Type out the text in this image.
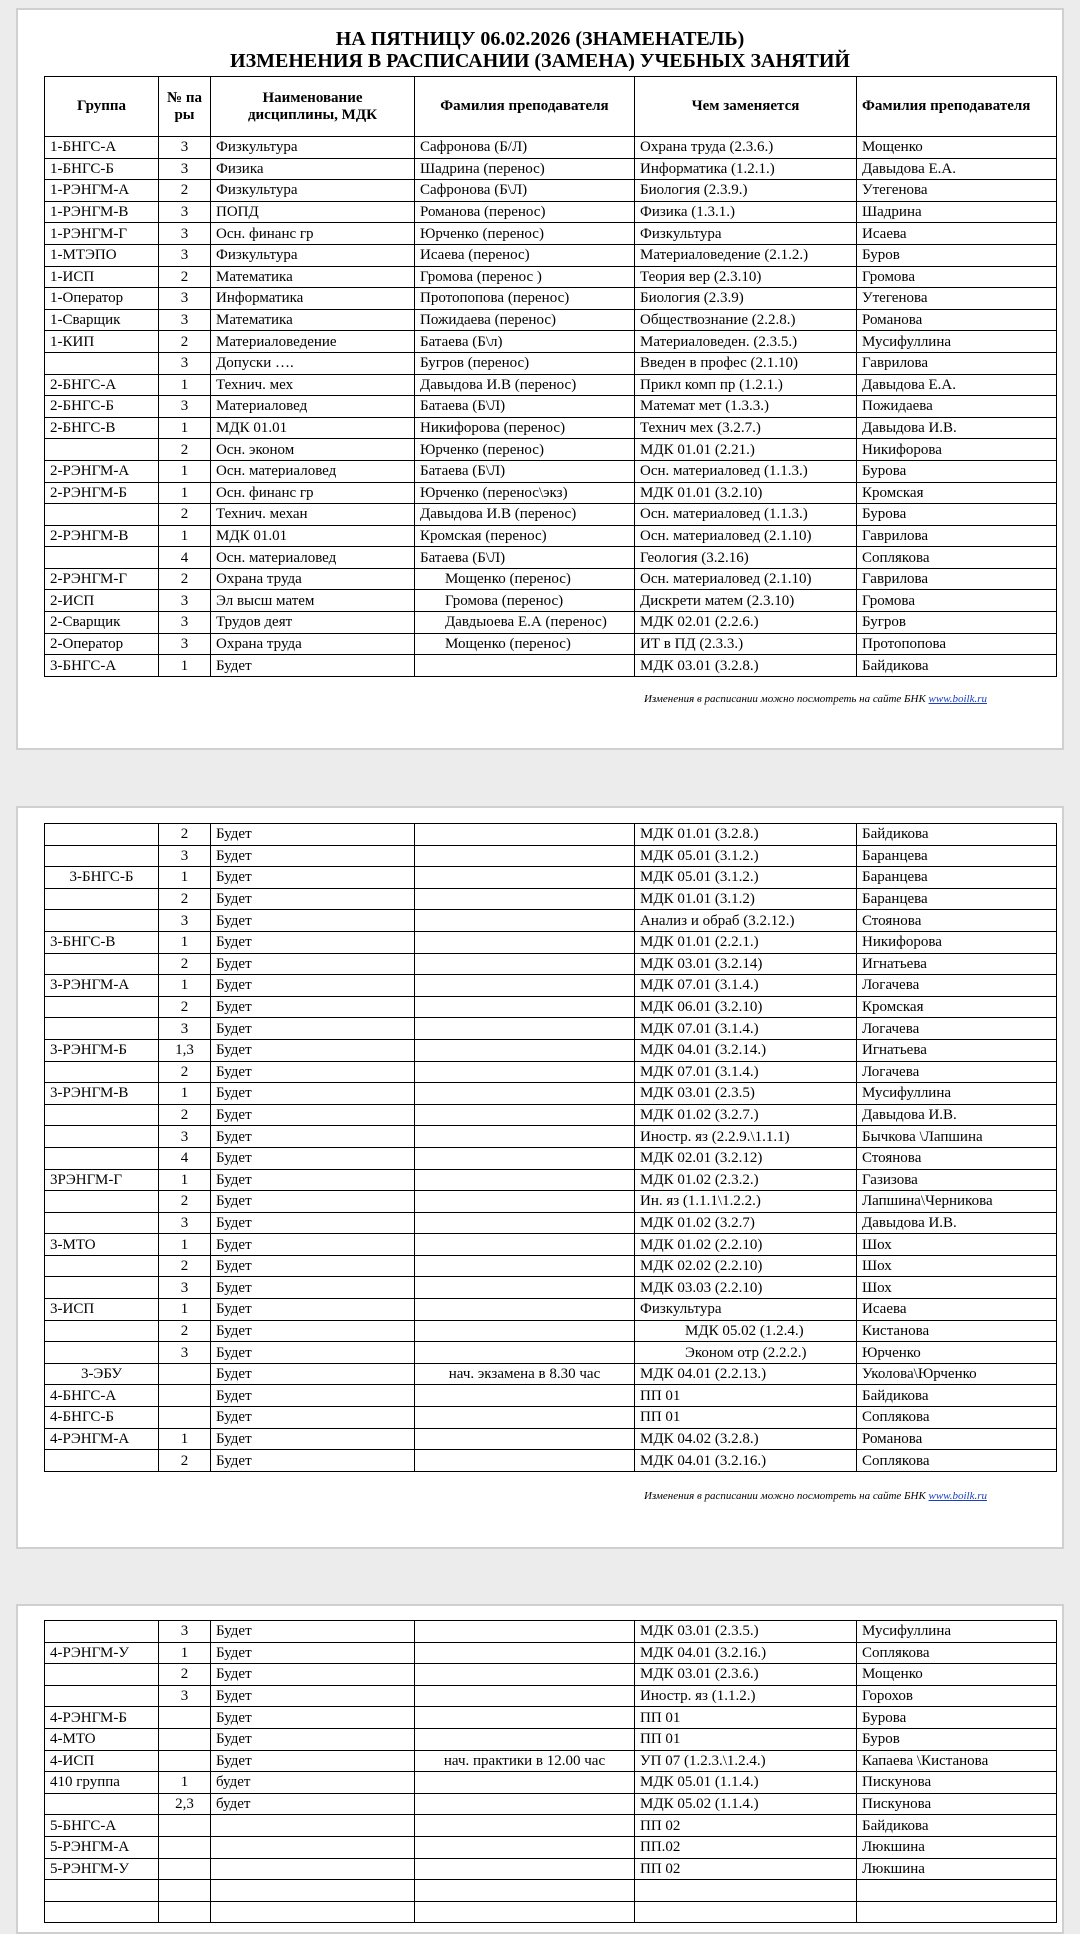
НА ПЯТНИЦУ 06.02.2026 (ЗНАМЕНАТЕЛЬ)
ИЗМЕНЕНИЯ В РАСПИСАНИИ (ЗАМЕНА) УЧЕБНЫХ ЗАНЯТИЙ
Группа	№ па ры	Наименование дисциплины, МДК	Фамилия преподавателя	Чем заменяется	Фамилия преподавателя
1-БНГС-А	3	Физкультура	Сафронова (Б/Л)	Охрана труда (2.3.6.)	Мощенко
1-БНГС-Б	3	Физика	Шадрина (перенос)	Информатика (1.2.1.)	Давыдова Е.А.
1-РЭНГМ-А	2	Физкультура	Сафронова (Б\Л)	Биология (2.3.9.)	Утегенова
1-РЭНГМ-В	3	ПОПД	Романова (перенос)	Физика (1.3.1.)	Шадрина
1-РЭНГМ-Г	3	Осн. финанс гр	Юрченко (перенос)	Физкультура	Исаева
1-МТЭПО	3	Физкультура	Исаева (перенос)	Материаловедение (2.1.2.)	Буров
1-ИСП	2	Математика	Громова (перенос )	Теория вер (2.3.10)	Громова
1-Оператор	3	Информатика	Протопопова (перенос)	Биология (2.3.9)	Утегенова
1-Сварщик	3	Математика	Пожидаева (перенос)	Обществознание (2.2.8.)	Романова
1-КИП	2	Материаловедение	Батаева (Б\л)	Материаловеден. (2.3.5.)	Мусифуллина
	3	Допуски ….	Бугров (перенос)	Введен в профес (2.1.10)	Гаврилова
2-БНГС-А	1	Технич. мех	Давыдова И.В (перенос)	Прикл комп пр (1.2.1.)	Давыдова Е.А.
2-БНГС-Б	3	Материаловед	Батаева (Б\Л)	Математ мет (1.3.3.)	Пожидаева
2-БНГС-В	1	МДК 01.01	Никифорова (перенос)	Технич мех (3.2.7.)	Давыдова И.В.
	2	Осн. эконом	Юрченко (перенос)	МДК 01.01 (2.21.)	Никифорова
2-РЭНГМ-А	1	Осн. материаловед	Батаева (Б\Л)	Осн. материаловед (1.1.3.)	Бурова
2-РЭНГМ-Б	1	Осн. финанс гр	Юрченко (перенос\экз)	МДК 01.01 (3.2.10)	Кромская
	2	Технич. механ	Давыдова И.В (перенос)	Осн. материаловед (1.1.3.)	Бурова
2-РЭНГМ-В	1	МДК 01.01	Кромская (перенос)	Осн. материаловед (2.1.10)	Гаврилова
	4	Осн. материаловед	Батаева (Б\Л)	Геология (3.2.16)	Соплякова
2-РЭНГМ-Г	2	Охрана труда	Мощенко (перенос)	Осн. материаловед (2.1.10)	Гаврилова
2-ИСП	3	Эл высш матем	Громова (перенос)	Дискрети матем (2.3.10)	Громова
2-Сварщик	3	Трудов деят	Давдыоева Е.А (перенос)	МДК 02.01 (2.2.6.)	Бугров
2-Оператор	3	Охрана труда	Мощенко (перенос)	ИТ в ПД (2.3.3.)	Протопопова
3-БНГС-А	1	Будет		МДК 03.01 (3.2.8.)	Байдикова
Изменения в расписании можно посмотреть на сайте БНК www.boilk.ru
	2	Будет		МДК 01.01 (3.2.8.)	Байдикова
	3	Будет		МДК 05.01 (3.1.2.)	Баранцева
3-БНГС-Б	1	Будет		МДК 05.01 (3.1.2.)	Баранцева
	2	Будет		МДК 01.01 (3.1.2)	Баранцева
	3	Будет		Анализ и обраб (3.2.12.)	Стоянова
3-БНГС-В	1	Будет		МДК 01.01 (2.2.1.)	Никифорова
	2	Будет		МДК 03.01 (3.2.14)	Игнатьева
3-РЭНГМ-А	1	Будет		МДК 07.01 (3.1.4.)	Логачева
	2	Будет		МДК 06.01 (3.2.10)	Кромская
	3	Будет		МДК 07.01 (3.1.4.)	Логачева
3-РЭНГМ-Б	1,3	Будет		МДК 04.01 (3.2.14.)	Игнатьева
	2	Будет		МДК 07.01 (3.1.4.)	Логачева
3-РЭНГМ-В	1	Будет		МДК 03.01 (2.3.5)	Мусифуллина
	2	Будет		МДК 01.02 (3.2.7.)	Давыдова И.В.
	3	Будет		Иностр. яз (2.2.9.\1.1.1)	Бычкова \Лапшина
	4	Будет		МДК 02.01 (3.2.12)	Стоянова
3РЭНГМ-Г	1	Будет		МДК 01.02 (2.3.2.)	Газизова
	2	Будет		Ин. яз (1.1.1\1.2.2.)	Лапшина\Черникова
	3	Будет		МДК 01.02 (3.2.7)	Давыдова И.В.
3-МТО	1	Будет		МДК 01.02 (2.2.10)	Шох
	2	Будет		МДК 02.02 (2.2.10)	Шох
	3	Будет		МДК 03.03 (2.2.10)	Шох
3-ИСП	1	Будет		Физкультура	Исаева
	2	Будет		МДК 05.02 (1.2.4.)	Кистанова
	3	Будет		Эконом отр (2.2.2.)	Юрченко
3-ЭБУ		Будет	нач. экзамена в 8.30 час	МДК 04.01 (2.2.13.)	Уколова\Юрченко
4-БНГС-А		Будет		ПП 01	Байдикова
4-БНГС-Б		Будет		ПП 01	Соплякова
4-РЭНГМ-А	1	Будет		МДК 04.02 (3.2.8.)	Романова
	2	Будет		МДК 04.01 (3.2.16.)	Соплякова
Изменения в расписании можно посмотреть на сайте БНК www.boilk.ru
	3	Будет		МДК 03.01 (2.3.5.)	Мусифуллина
4-РЭНГМ-У	1	Будет		МДК 04.01 (3.2.16.)	Соплякова
	2	Будет		МДК 03.01 (2.3.6.)	Мощенко
	3	Будет		Иностр. яз (1.1.2.)	Горохов
4-РЭНГМ-Б		Будет		ПП 01	Бурова
4-МТО		Будет		ПП 01	Буров
4-ИСП		Будет	нач. практики в 12.00 час	УП 07 (1.2.3.\1.2.4.)	Капаева \Кистанова
410 группа	1	будет		МДК 05.01 (1.1.4.)	Пискунова
	2,3	будет		МДК 05.02 (1.1.4.)	Пискунова
5-БНГС-А				ПП 02	Байдикова
5-РЭНГМ-А				ПП.02	Люкшина
5-РЭНГМ-У				ПП 02	Люкшина
